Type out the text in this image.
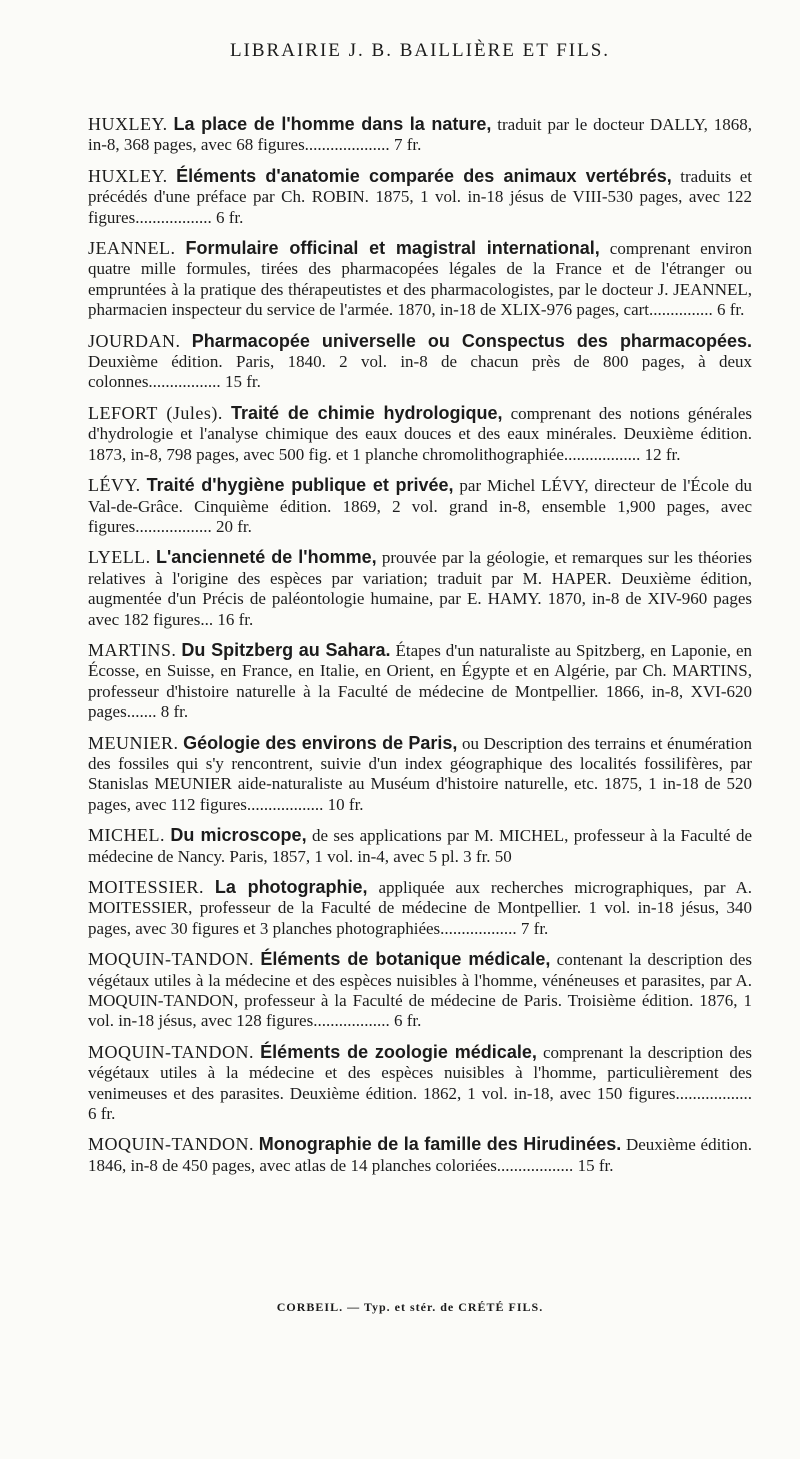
LIBRAIRIE J. B. BAILLIÈRE ET FILS.

HUXLEY. La place de l'homme dans la nature, traduit par le docteur DALLY, 1868, in-8, 368 pages, avec 68 figures.................... 7 fr.

HUXLEY. Éléments d'anatomie comparée des animaux vertébrés, traduits et précédés d'une préface par Ch. ROBIN. 1875, 1 vol. in-18 jésus de VIII-530 pages, avec 122 figures.................. 6 fr.

JEANNEL. Formulaire officinal et magistral international, comprenant environ quatre mille formules, tirées des pharmacopées légales de la France et de l'étranger ou empruntées à la pratique des thérapeutistes et des pharmacologistes, par le docteur J. JEANNEL, pharmacien inspecteur du service de l'armée. 1870, in-18 de XLIX-976 pages, cart............... 6 fr.

JOURDAN. Pharmacopée universelle ou Conspectus des pharmacopées. Deuxième édition. Paris, 1840. 2 vol. in-8 de chacun près de 800 pages, à deux colonnes................. 15 fr.

LEFORT (Jules). Traité de chimie hydrologique, comprenant des notions générales d'hydrologie et l'analyse chimique des eaux douces et des eaux minérales. Deuxième édition. 1873, in-8, 798 pages, avec 500 fig. et 1 planche chromolithographiée.................. 12 fr.

LÉVY. Traité d'hygiène publique et privée, par Michel LÉVY, directeur de l'École du Val-de-Grâce. Cinquième édition. 1869, 2 vol. grand in-8, ensemble 1,900 pages, avec figures.................. 20 fr.

LYELL. L'ancienneté de l'homme, prouvée par la géologie, et remarques sur les théories relatives à l'origine des espèces par variation; traduit par M. HAPER. Deuxième édition, augmentée d'un Précis de paléontologie humaine, par E. HAMY. 1870, in-8 de XIV-960 pages avec 182 figures... 16 fr.

MARTINS. Du Spitzberg au Sahara. Étapes d'un naturaliste au Spitzberg, en Laponie, en Écosse, en Suisse, en France, en Italie, en Orient, en Égypte et en Algérie, par Ch. MARTINS, professeur d'histoire naturelle à la Faculté de médecine de Montpellier. 1866, in-8, XVI-620 pages....... 8 fr.

MEUNIER. Géologie des environs de Paris, ou Description des terrains et énumération des fossiles qui s'y rencontrent, suivie d'un index géographique des localités fossilifères, par Stanislas MEUNIER aide-naturaliste au Muséum d'histoire naturelle, etc. 1875, 1 in-18 de 520 pages, avec 112 figures.................. 10 fr.

MICHEL. Du microscope, de ses applications par M. MICHEL, professeur à la Faculté de médecine de Nancy. Paris, 1857, 1 vol. in-4, avec 5 pl. 3 fr. 50

MOITESSIER. La photographie, appliquée aux recherches micrographiques, par A. MOITESSIER, professeur de la Faculté de médecine de Montpellier. 1 vol. in-18 jésus, 340 pages, avec 30 figures et 3 planches photographiées.................. 7 fr.

MOQUIN-TANDON. Éléments de botanique médicale, contenant la description des végétaux utiles à la médecine et des espèces nuisibles à l'homme, vénéneuses et parasites, par A. MOQUIN-TANDON, professeur à la Faculté de médecine de Paris. Troisième édition. 1876, 1 vol. in-18 jésus, avec 128 figures.................. 6 fr.

MOQUIN-TANDON. Éléments de zoologie médicale, comprenant la description des végétaux utiles à la médecine et des espèces nuisibles à l'homme, particulièrement des venimeuses et des parasites. Deuxième édition. 1862, 1 vol. in-18, avec 150 figures.................. 6 fr.

MOQUIN-TANDON. Monographie de la famille des Hirudinées. Deuxième édition. 1846, in-8 de 450 pages, avec atlas de 14 planches coloriées.................. 15 fr.

CORBEIL. — Typ. et stér. de CRÉTÉ FILS.
